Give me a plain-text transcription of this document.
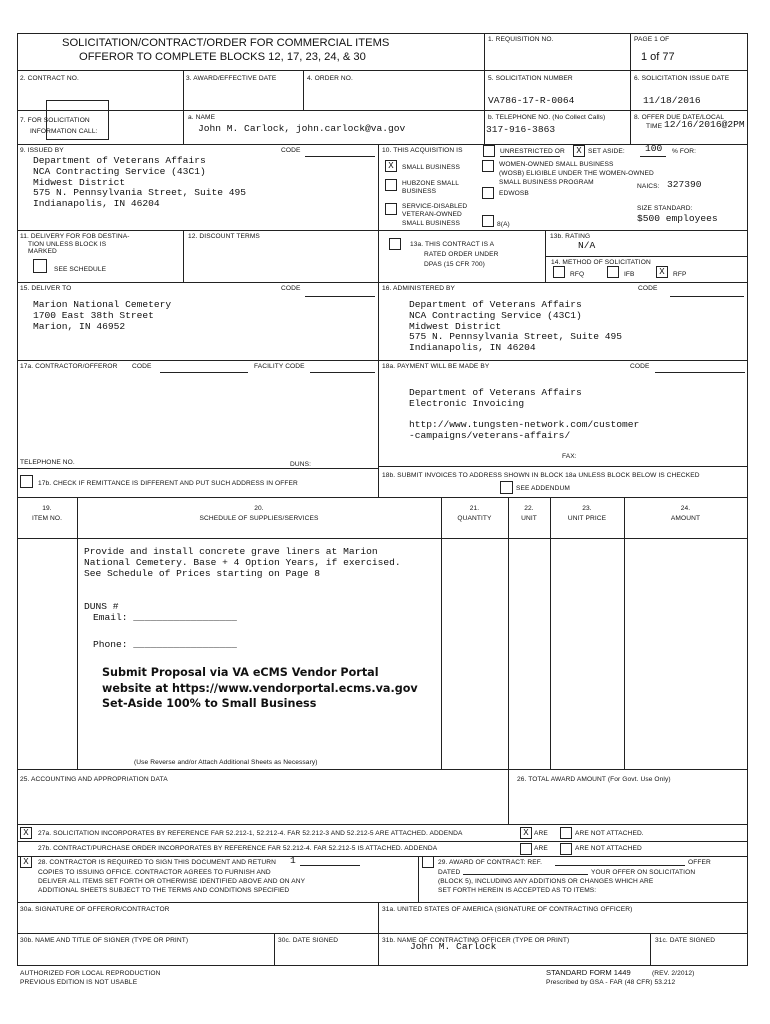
SOLICITATION/CONTRACT/ORDER FOR COMMERCIAL ITEMS
OFFEROR TO COMPLETE BLOCKS 12, 17, 23, 24, & 30
1. REQUISITION NO.	PAGE 1 OF
1 of 77
2. CONTRACT NO.	3. AWARD/EFFECTIVE DATE	4. ORDER NO.	5. SOLICITATION NUMBER
VA786-17-R-0064
6. SOLICITATION ISSUE DATE
11/18/2016
7. FOR SOLICITATION
INFORMATION CALL:
a. NAME
John M. Carlock, john.carlock@va.gov
b. TELEPHONE NO. (No Collect Calls)
317-916-3863
8. OFFER DUE DATE/LOCAL
TIME 12/16/2016@2PM
9. ISSUED BY	CODE
Department of Veterans Affairs
NCA Contracting Service (43C1)
Midwest District
575 N. Pennsylvania Street, Suite 495
Indianapolis, IN 46204
10. THIS ACQUISITION IS	UNRESTRICTED OR	X SET ASIDE: 100 % FOR:
X	SMALL BUSINESS
HUBZONE SMALL
BUSINESS
SERVICE-DISABLED
VETERAN-OWNED
SMALL BUSINESS
WOMEN-OWNED SMALL BUSINESS
(WOSB) ELIGIBLE UNDER THE WOMEN-OWNED
SMALL BUSINESS PROGRAM
EDWOSB
8(A)
NAICS: 327390
SIZE STANDARD:
$500 employees
11. DELIVERY FOR FOB DESTINA-
TION UNLESS BLOCK IS
MARKED
SEE SCHEDULE
12. DISCOUNT TERMS
13a. THIS CONTRACT IS A
RATED ORDER UNDER
DPAS (15 CFR 700)
13b. RATING
N/A
14. METHOD OF SOLICITATION
RFQ	IFB	X	RFP
15. DELIVER TO	CODE
Marion National Cemetery
1700 East 38th Street
Marion, IN 46952
16. ADMINISTERED BY	CODE
Department of Veterans Affairs
NCA Contracting Service (43C1)
Midwest District
575 N. Pennsylvania Street, Suite 495
Indianapolis, IN 46204
17a. CONTRACTOR/OFFEROR CODE	FACILITY CODE
TELEPHONE NO.	DUNS:
17b. CHECK IF REMITTANCE IS DIFFERENT AND PUT SUCH ADDRESS IN OFFER
18a. PAYMENT WILL BE MADE BY	CODE
Department of Veterans Affairs
Electronic Invoicing

http://www.tungsten-network.com/customer
-campaigns/veterans-affairs/
FAX:
18b. SUBMIT INVOICES TO ADDRESS SHOWN IN BLOCK 18a UNLESS BLOCK BELOW IS CHECKED
SEE ADDENDUM
19.
ITEM NO.
20.
SCHEDULE OF SUPPLIES/SERVICES
21.
QUANTITY
22.
UNIT
23.
UNIT PRICE
24.
AMOUNT
Provide and install concrete grave liners at Marion
National Cemetery. Base + 4 Option Years, if exercised.
See Schedule of Prices starting on Page 8
DUNS #
Email: __________________
Phone: __________________
Submit Proposal via VA eCMS Vendor Portal
website at https://www.vendorportal.ecms.va.gov
Set-Aside 100% to Small Business
(Use Reverse and/or Attach Additional Sheets as Necessary)
25. ACCOUNTING AND APPROPRIATION DATA	26. TOTAL AWARD AMOUNT (For Govt. Use Only)
X	27a. SOLICITATION INCORPORATES BY REFERENCE FAR 52.212-1, 52.212-4. FAR 52.212-3 AND 52.212-5 ARE ATTACHED. ADDENDA	X ARE	ARE NOT ATTACHED.
27b. CONTRACT/PURCHASE ORDER INCORPORATES BY REFERENCE FAR 52.212-4. FAR 52.212-5 IS ATTACHED. ADDENDA	ARE	ARE NOT ATTACHED
X	28. CONTRACTOR IS REQUIRED TO SIGN THIS DOCUMENT AND RETURN 1
COPIES TO ISSUING OFFICE. CONTRACTOR AGREES TO FURNISH AND
DELIVER ALL ITEMS SET FORTH OR OTHERWISE IDENTIFIED ABOVE AND ON ANY
ADDITIONAL SHEETS SUBJECT TO THE TERMS AND CONDITIONS SPECIFIED
29. AWARD OF CONTRACT: REF.	OFFER
DATED	YOUR OFFER ON SOLICITATION
(BLOCK 5), INCLUDING ANY ADDITIONS OR CHANGES WHICH ARE
SET FORTH HEREIN IS ACCEPTED AS TO ITEMS:
30a. SIGNATURE OF OFFEROR/CONTRACTOR	31a. UNITED STATES OF AMERICA (SIGNATURE OF CONTRACTING OFFICER)
30b. NAME AND TITLE OF SIGNER (TYPE OR PRINT)	30c. DATE SIGNED	31b. NAME OF CONTRACTING OFFICER (TYPE OR PRINT)
John M. Carlock
31c. DATE SIGNED
AUTHORIZED FOR LOCAL REPRODUCTION
PREVIOUS EDITION IS NOT USABLE
STANDARD FORM 1449	(REV. 2/2012)
Prescribed by GSA - FAR (48 CFR) 53.212
